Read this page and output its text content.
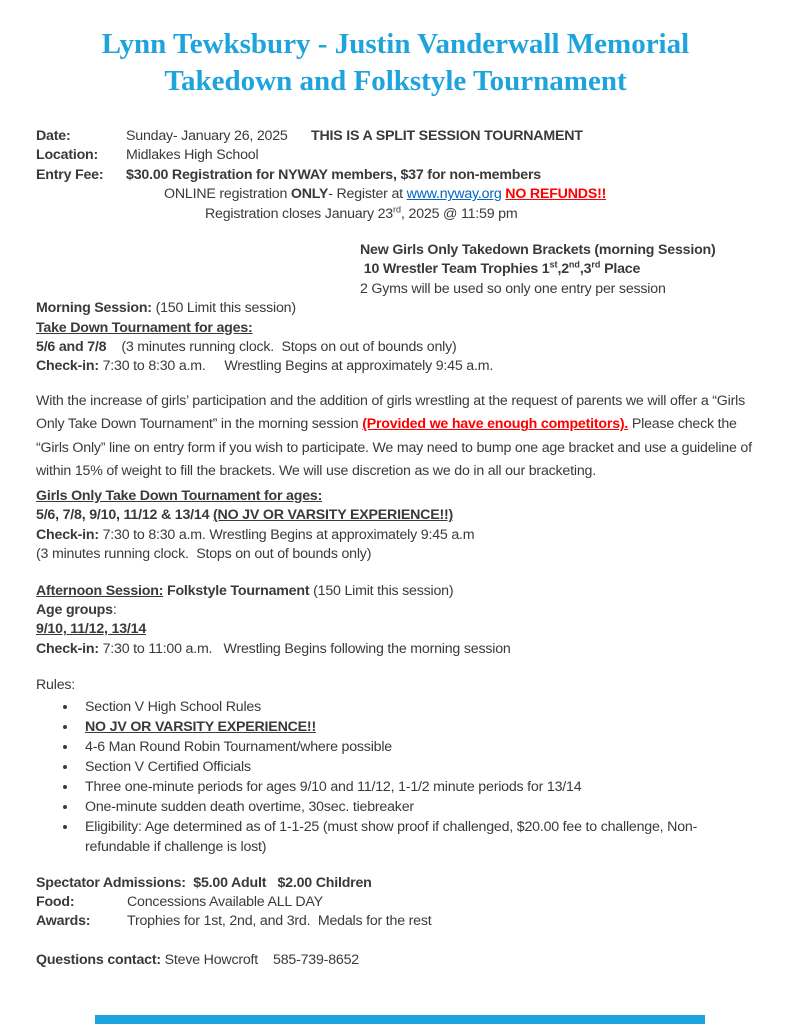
Lynn Tewksbury - Justin Vanderwall Memorial
Takedown and Folkstyle Tournament
Date:	Sunday- January 26, 2025 THIS IS A SPLIT SESSION TOURNAMENT
Location: Midlakes High School
Entry Fee: $30.00 Registration for NYWAY members, $37 for non-members
ONLINE registration ONLY- Register at www.nyway.org NO REFUNDS!!
Registration closes January 23rd, 2025 @ 11:59 pm
New Girls Only Takedown Brackets (morning Session)
10 Wrestler Team Trophies 1st,2nd,3rd Place
2 Gyms will be used so only one entry per session
Morning Session: (150 Limit this session)
Take Down Tournament for ages:
5/6 and 7/8    (3 minutes running clock.  Stops on out of bounds only)
Check-in: 7:30 to 8:30 a.m.     Wrestling Begins at approximately 9:45 a.m.
With the increase of girls’ participation and the addition of girls wrestling at the request of parents we will offer a “Girls Only Take Down Tournament” in the morning session (Provided we have enough competitors). Please check the “Girls Only” line on entry form if you wish to participate. We may need to bump one age bracket and use a guideline of within 15% of weight to fill the brackets. We will use discretion as we do in all our bracketing.
Girls Only Take Down Tournament for ages:
5/6, 7/8, 9/10, 11/12 & 13/14 (NO JV OR VARSITY EXPERIENCE!!)
Check-in: 7:30 to 8:30 a.m. Wrestling Begins at approximately 9:45 a.m
(3 minutes running clock.  Stops on out of bounds only)
Afternoon Session: Folkstyle Tournament (150 Limit this session)
Age groups:
9/10, 11/12, 13/14
Check-in: 7:30 to 11:00 a.m.   Wrestling Begins following the morning session
Rules:
• Section V High School Rules
• NO JV OR VARSITY EXPERIENCE!!
• 4-6 Man Round Robin Tournament/where possible
• Section V Certified Officials
• Three one-minute periods for ages 9/10 and 11/12, 1-1/2 minute periods for 13/14
• One-minute sudden death overtime, 30sec. tiebreaker
• Eligibility: Age determined as of 1-1-25 (must show proof if challenged, $20.00 fee to challenge, Non-refundable if challenge is lost)
Spectator Admissions:  $5.00 Adult   $2.00 Children
Food:	Concessions Available ALL DAY
Awards:	Trophies for 1st, 2nd, and 3rd.  Medals for the rest
Questions contact: Steve Howcroft    585-739-8652
